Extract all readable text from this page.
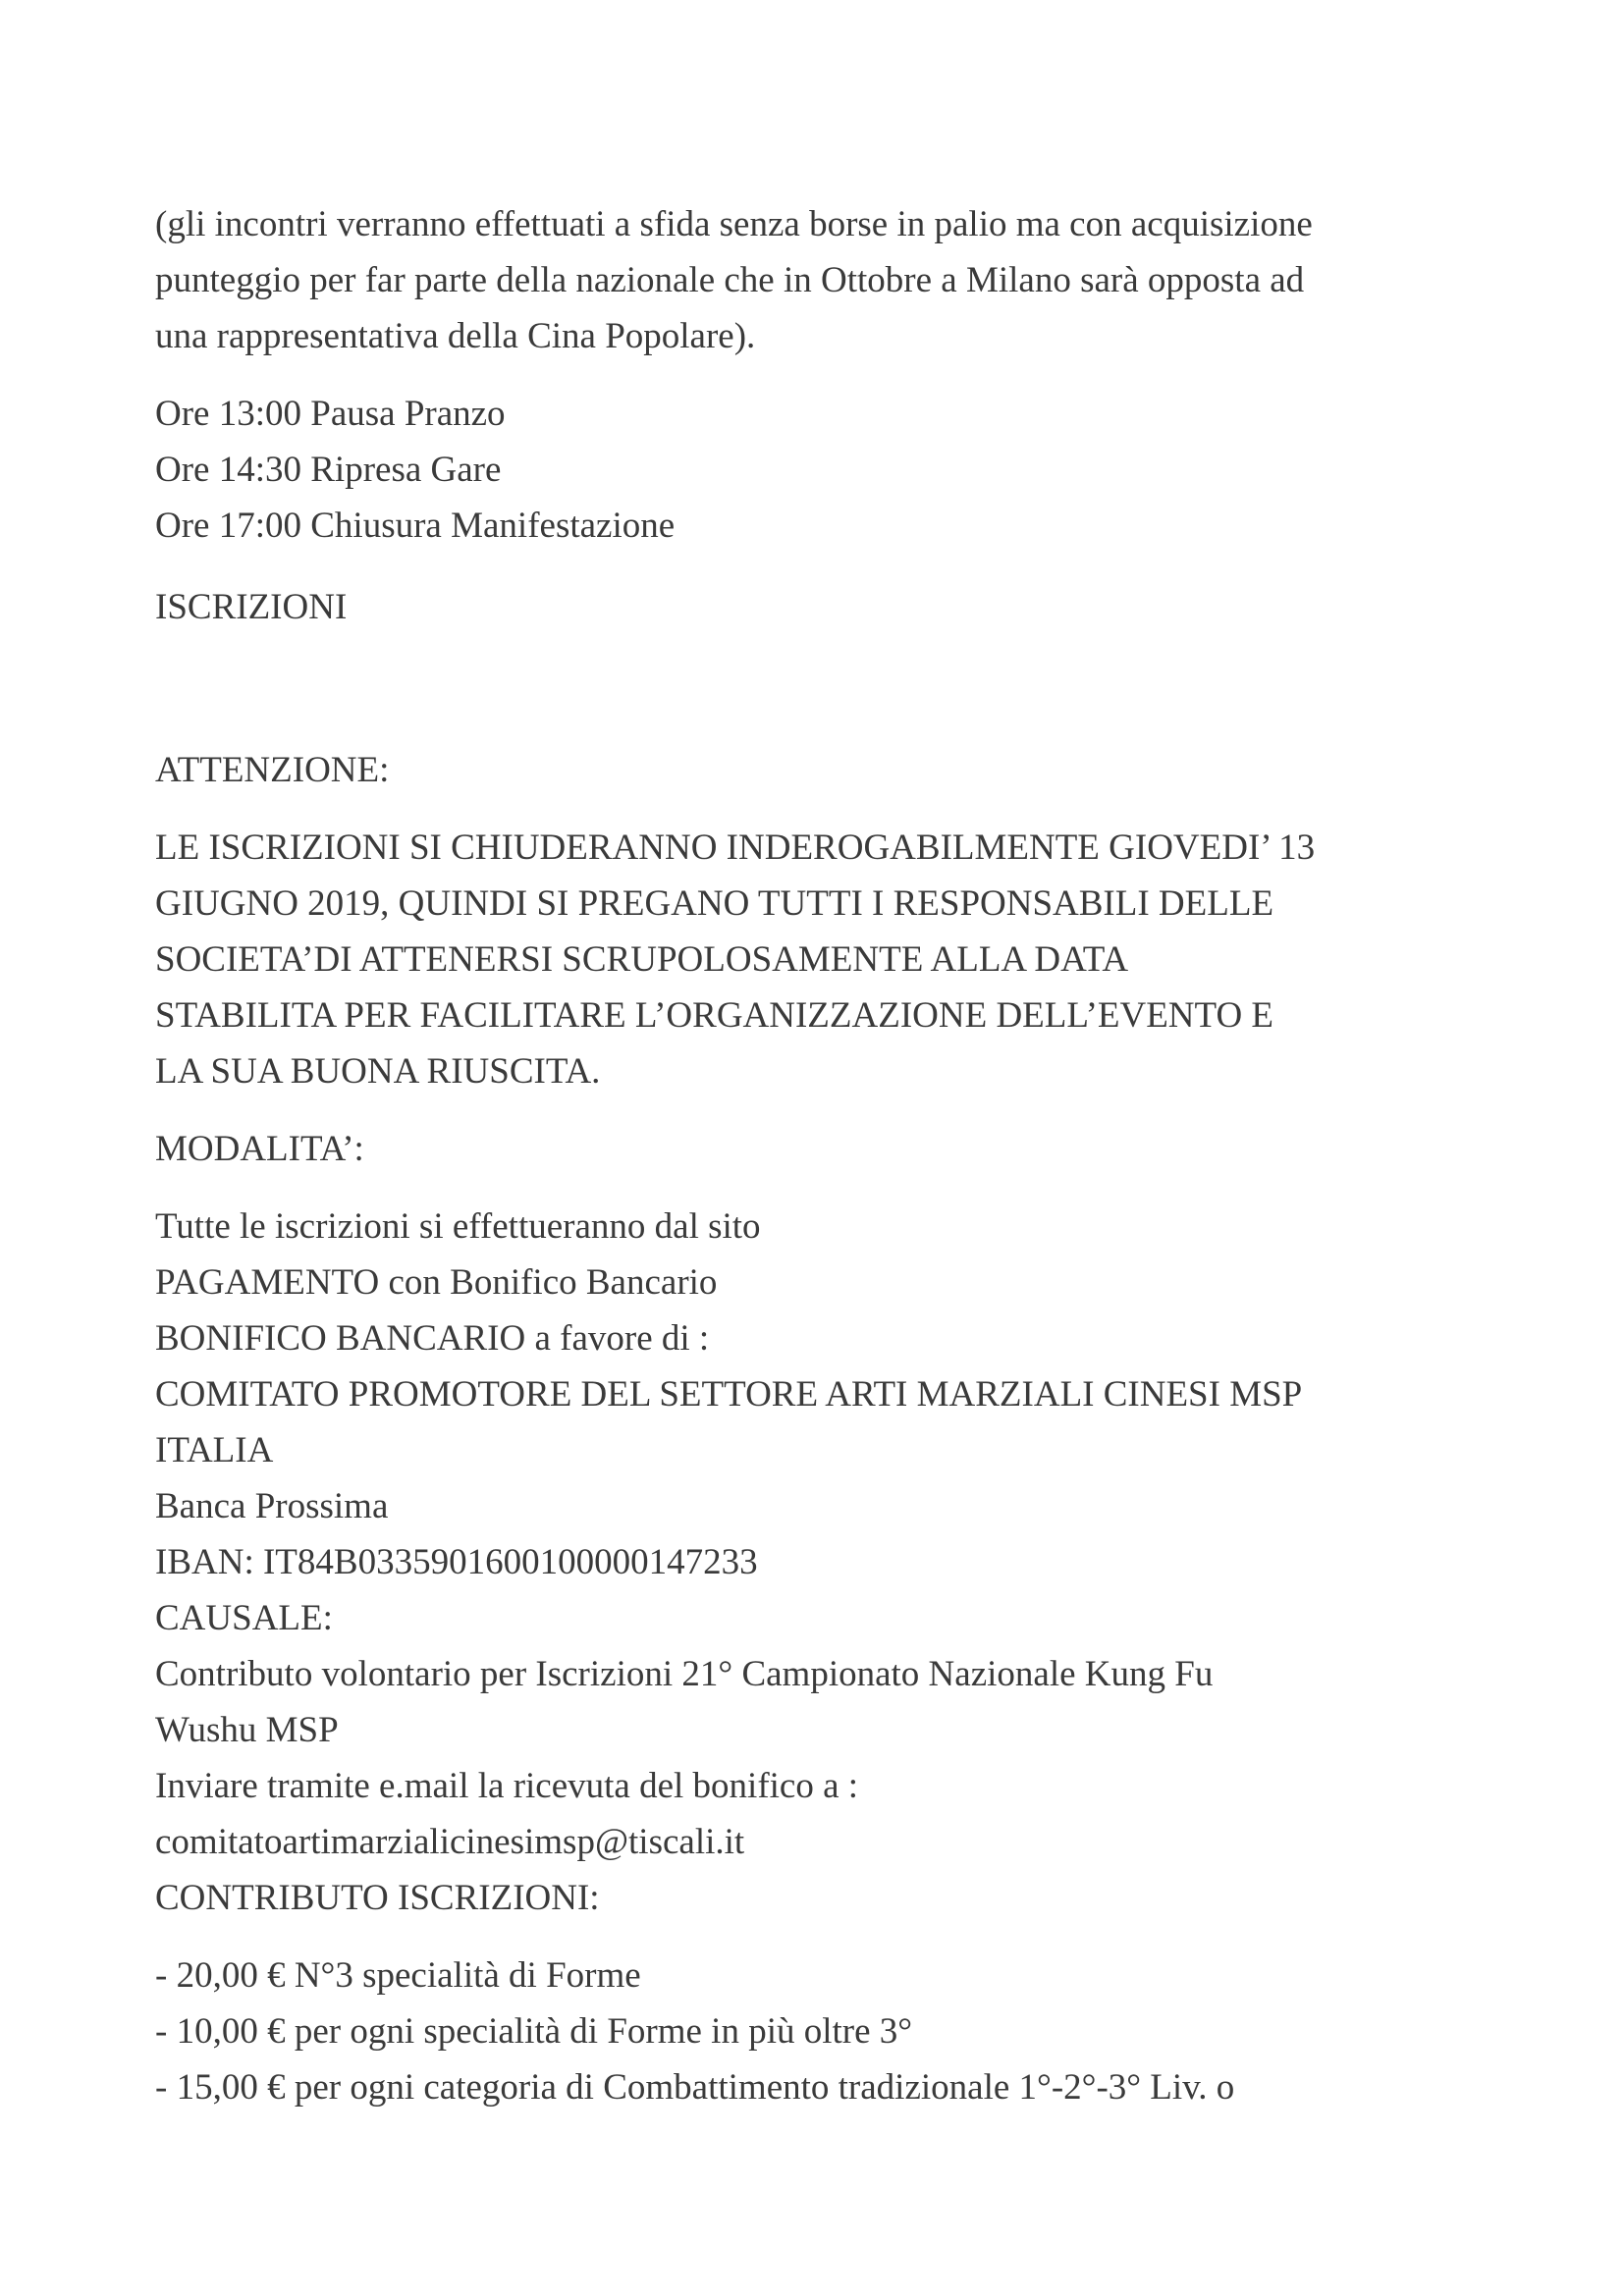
(gli incontri verranno effettuati a sfida senza borse in palio ma con acquisizione
punteggio per far parte della nazionale che in Ottobre a Milano sarà opposta ad
una rappresentativa della Cina Popolare).

Ore 13:00 Pausa Pranzo
Ore 14:30 Ripresa Gare
Ore 17:00 Chiusura Manifestazione

ISCRIZIONI

ATTENZIONE:

LE ISCRIZIONI SI CHIUDERANNO INDEROGABILMENTE GIOVEDI’ 13
GIUGNO 2019, QUINDI SI PREGANO TUTTI I RESPONSABILI DELLE
SOCIETA’DI ATTENERSI SCRUPOLOSAMENTE ALLA DATA
STABILITA PER FACILITARE L’ORGANIZZAZIONE DELL’EVENTO E
LA SUA BUONA RIUSCITA.

MODALITA’:

Tutte le iscrizioni si effettueranno dal sito
PAGAMENTO con Bonifico Bancario
BONIFICO BANCARIO a favore di :
COMITATO PROMOTORE DEL SETTORE ARTI MARZIALI CINESI MSP
ITALIA
Banca Prossima
IBAN: IT84B0335901600100000147233
CAUSALE:
Contributo volontario per Iscrizioni 21° Campionato Nazionale Kung Fu
Wushu MSP
Inviare tramite e.mail la ricevuta del bonifico a :
comitatoartimarzialicinesimsp@tiscali.it
CONTRIBUTO ISCRIZIONI:

- 20,00 € N°3 specialità di Forme
- 10,00 € per ogni specialità di Forme in più oltre 3°
- 15,00 € per ogni categoria di Combattimento tradizionale 1°-2°-3° Liv. o
